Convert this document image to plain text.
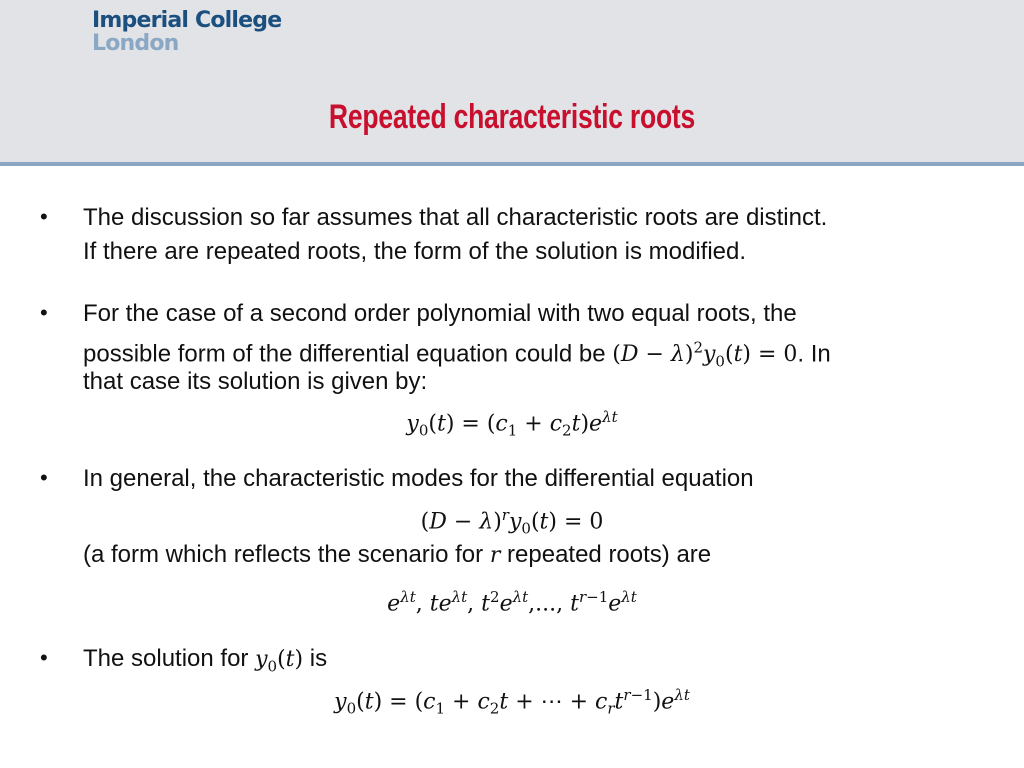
Imperial College
London
Repeated characteristic roots
• The discussion so far assumes that all characteristic roots are distinct.
If there are repeated roots, the form of the solution is modified.
• For the case of a second order polynomial with two equal roots, the
possible form of the differential equation could be $(D - \lambda)^2y_0(t) = 0$. In
that case its solution is given by:
$y_0(t) = (c_1 + c_2t)e^{\lambda t}$
• In general, the characteristic modes for the differential equation
$(D - \lambda)^ry_0(t) = 0$
(a form which reflects the scenario for r repeated roots) are
$e^{\lambda t}$, $te^{\lambda t}$, $t^2e^{\lambda t}$,..., $t^{r-1}e^{\lambda t}$
• The solution for $y_0(t)$ is
$y_0(t) = (c_1 + c_2t$ + ⋯ + $c_rt^{r-1})e^{\lambda t}$
